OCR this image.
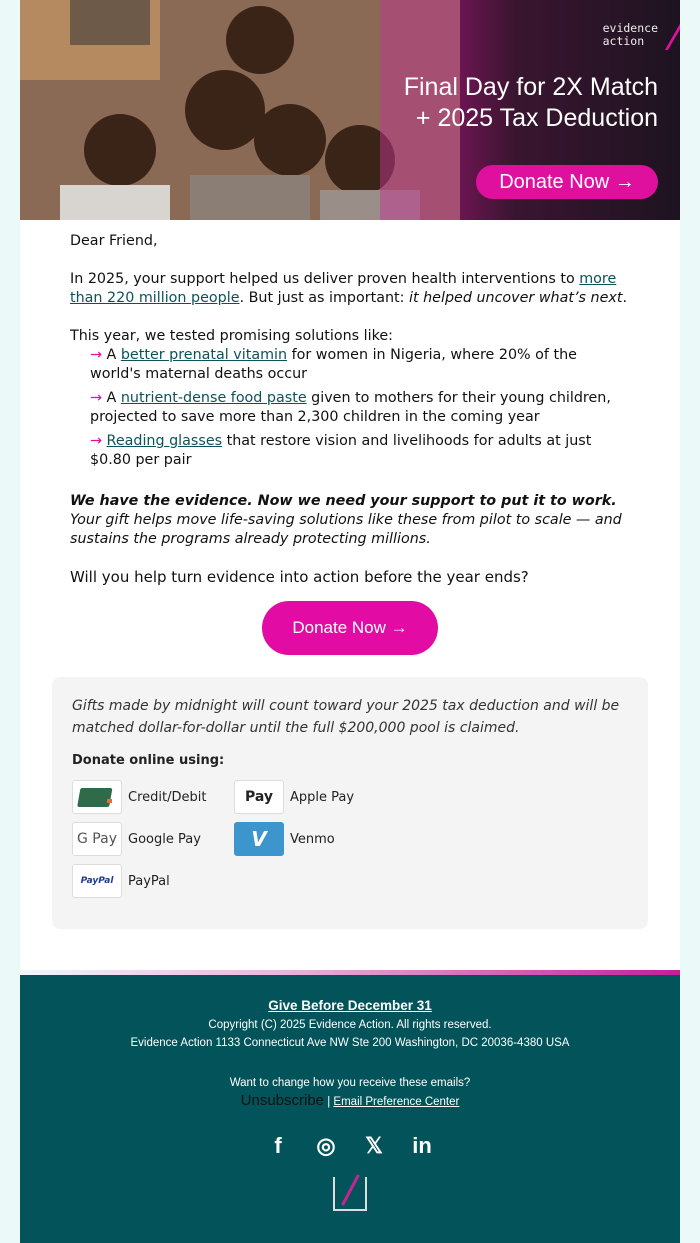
evidence
action
Final Day for 2X Match
+ 2025 Tax Deduction
Donate Now →

Dear Friend,

In 2025, your support helped us deliver proven health interventions to more than 220 million people. But just as important: it helped uncover what’s next.

This year, we tested promising solutions like:
→ A better prenatal vitamin for women in Nigeria, where 20% of the world's maternal deaths occur
→ A nutrient-dense food paste given to mothers for their young children, projected to save more than 2,300 children in the coming year
→ Reading glasses that restore vision and livelihoods for adults at just $0.80 per pair

We have the evidence. Now we need your support to put it to work. Your gift helps move life-saving solutions like these from pilot to scale — and sustains the programs already protecting millions.

Will you help turn evidence into action before the year ends?

Donate Now →
Gifts made by midnight will count toward your 2025 tax deduction and will be matched dollar-for-dollar until the full $200,000 pool is claimed.
Donate online using:
Credit/Debit	Pay	Apple Pay
G Pay Google Pay	V	Venmo
PayPal	PayPal
Give Before December 31
Copyright (C) 2025 Evidence Action. All rights reserved.
Evidence Action 1133 Connecticut Ave NW Ste 200 Washington, DC 20036-4380 USA
Want to change how you receive these emails?
Unsubscribe | Email Preference Center
f	◎ 𝕏 in
